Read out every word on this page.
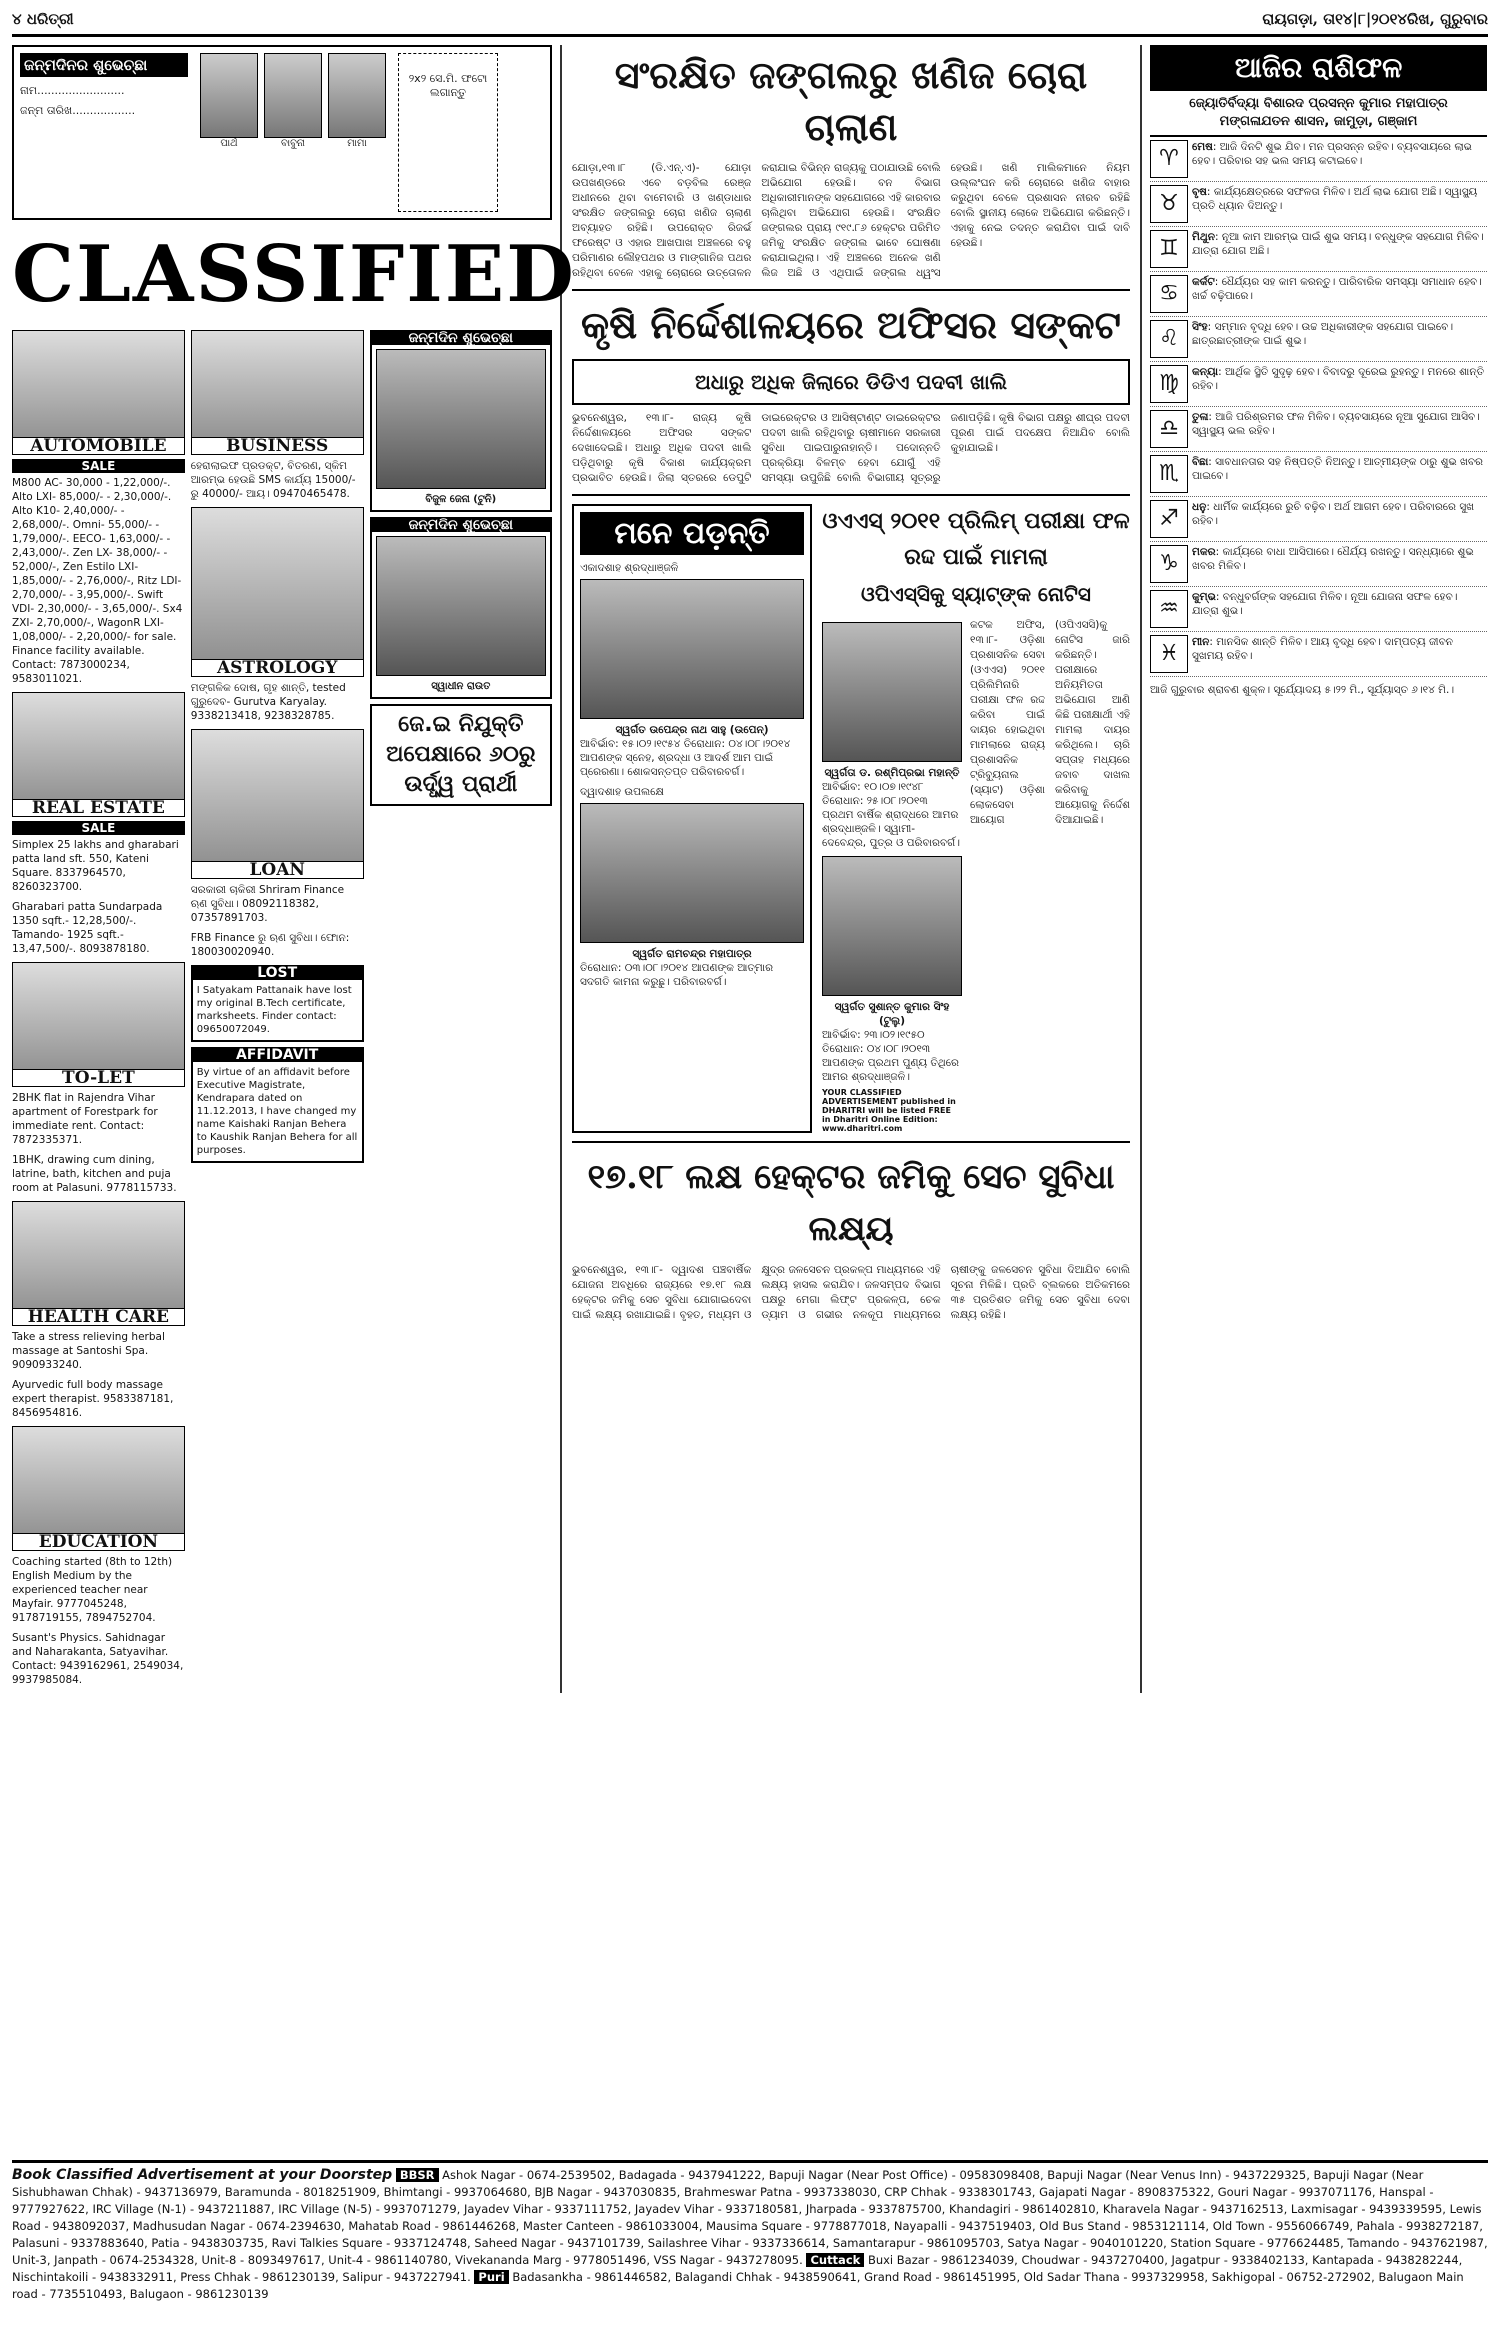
୪ ଧରିତ୍ରୀ	ରାୟଗଡ଼ା, ତା୧୪|୮|୨୦୧୪ରିଖ, ଗୁରୁବାର
ଜନ୍ମଦିନର ଶୁଭେଚ୍ଛା
ନାମ.........................
ଜନ୍ମ ତାରିଖ..................
ପାର୍ଥ	ବାବୁନା	ମାମା
୨x୨ ସେ.ମି. ଫଟୋ ଲଗାନ୍ତୁ
CLASSIFIED
AUTOMOBILE
SALE

M800 AC- 30,000 - 1,22,000/-. Alto LXI- 85,000/- - 2,30,000/-. Alto K10- 2,40,000/- - 2,68,000/-. Omni- 55,000/- - 1,79,000/-. EECO- 1,63,000/- - 2,43,000/-. Zen LX- 38,000/- - 52,000/-, Zen Estilo LXI- 1,85,000/- - 2,76,000/-, Ritz LDI- 2,70,000/- - 3,95,000/-. Swift VDI- 2,30,000/- - 3,65,000/-. Sx4 ZXI- 2,70,000/-, WagonR LXI- 1,08,000/- - 2,20,000/- for sale. Finance facility available. Contact: 7873000234, 9583011021.

REAL ESTATE
SALE

Simplex 25 lakhs and gharabari patta land sft. 550, Kateni Square. 8337964570, 8260323700.

Gharabari patta Sundarpada 1350 sqft.- 12,28,500/-. Tamando- 1925 sqft.- 13,47,500/-. 8093878180.

TO-LET

2BHK flat in Rajendra Vihar apartment of Forestpark for immediate rent. Contact: 7872335371.

1BHK, drawing cum dining, latrine, bath, kitchen and puja room at Palasuni. 9778115733.

HEALTH CARE

Take a stress relieving herbal massage at Santoshi Spa. 9090933240.

Ayurvedic full body massage expert therapist. 9583387181, 8456954816.

EDUCATION

Coaching started (8th to 12th) English Medium by the experienced teacher near Mayfair. 9777045248, 9178719155, 7894752704.

Susant's Physics. Sahidnagar and Naharakanta, Satyavihar. Contact: 9439162961, 2549034, 9937985084.

BUSINESS

ହେରାଲାଇଫ ପ୍ରଡକ୍ଟ, ବିତରଣ, ସ୍କିମ ଆରମ୍ଭ ହେଉଛି SMS କାର୍ଯ୍ୟ 15000/- ରୁ 40000/- ଆୟ। 09470465478.

ASTROLOGY

ମଙ୍ଗଳିକ ଦୋଷ, ଗୃହ ଶାନ୍ତି, tested ଗୁରୁଦେବ- Gurutva Karyalay. 9338213418, 9238328785.

LOAN

ସରକାରୀ ଚାକିରୀ Shriram Finance ଋଣ ସୁବିଧା। 08092118382, 07357891703.

FRB Finance ରୁ ଋଣ ସୁବିଧା। ଫୋନ: 180030020940.

LOST

I Satyakam Pattanaik have lost my original B.Tech certificate, marksheets. Finder contact: 09650072049.

AFFIDAVIT

By virtue of an affidavit before Executive Magistrate, Kendrapara dated on 11.12.2013, I have changed my name Kaishaki Ranjan Behera to Kaushik Ranjan Behera for all purposes.

ଜନ୍ମଦିନ ଶୁଭେଚ୍ଛା
ବିଜୁଳ ଜେନା (ଟୁନି)
ଜନ୍ମଦିନ ଶୁଭେଚ୍ଛା
ସ୍ୱାଧୀନ ରାଉତ
ଜେ.ଇ ନିଯୁକ୍ତି ଅପେକ୍ଷାରେ ୬୦ରୁ ଉର୍ଦ୍ଧ୍ୱ ପ୍ରାର୍ଥୀ
ସଂରକ୍ଷିତ ଜଙ୍ଗଲରୁ ଖଣିଜ ଚୋରା ଚାଲାଣ
ଯୋଡ଼ା,୧୩।୮ (ଡି.ଏନ୍.ଏ)- ଯୋଡ଼ା ଉପଖଣ୍ଡରେ ଏବେ ବଡ଼ବିଲ ରେଞ୍ଜ ଅଧୀନରେ ଥିବା ବାମେବାରି ଓ ଖଣ୍ଡାଧାର ସଂରକ୍ଷିତ ଜଙ୍ଗଲରୁ ଚୋରା ଖଣିଜ ଚାଲାଣ ଅବ୍ୟାହତ ରହିଛି। ଉପରୋକ୍ତ ରିଜର୍ଭ ଫରେଷ୍ଟ ଓ ଏହାର ଆଖପାଖ ଅଞ୍ଚଳରେ ବହୁ ପରିମାଣର ଲୌହପଥର ଓ ମାଙ୍ଗାନିଜ ପଥର ରହିଥିବା ବେଳେ ଏହାକୁ ଚୋରାରେ ଉତ୍ତୋଳନ କରାଯାଇ ବିଭିନ୍ନ ରାଜ୍ୟକୁ ପଠାଯାଉଛି ବୋଲି ଅଭିଯୋଗ ହେଉଛି। ବନ ବିଭାଗ ଅଧିକାରୀମାନଙ୍କ ସହଯୋଗରେ ଏହି କାରବାର ଚାଲିଥିବା ଅଭିଯୋଗ ହେଉଛି। ସଂରକ୍ଷିତ ଜଙ୍ଗଲର ପ୍ରାୟ ୯୧୯.୮୬ ହେକ୍ଟର ପରିମିତ ଜମିକୁ ସଂରକ୍ଷିତ ଜଙ୍ଗଲ ଭାବେ ଘୋଷଣା କରାଯାଇଥିଲା। ଏହି ଅଞ୍ଚଳରେ ଅନେକ ଖଣି ଲିଜ ଅଛି ଓ ଏଥିପାଇଁ ଜଙ୍ଗଲ ଧ୍ୱଂସ ହେଉଛି। ଖଣି ମାଲିକମାନେ ନିୟମ ଉଲ୍ଲଂଘନ କରି ଚୋରାରେ ଖଣିଜ ବାହାର କରୁଥିବା ବେଳେ ପ୍ରଶାସନ ନୀରବ ରହିଛି ବୋଲି ସ୍ଥାନୀୟ ଲୋକେ ଅଭିଯୋଗ କରିଛନ୍ତି। ଏହାକୁ ନେଇ ତଦନ୍ତ କରାଯିବା ପାଇଁ ଦାବି ହେଉଛି।
କୃଷି ନିର୍ଦ୍ଦେଶାଳୟରେ ଅଫିସର ସଙ୍କଟ
ଅଧାରୁ ଅଧିକ ଜିଲାରେ ଡିଡିଏ ପଦବୀ ଖାଲି
ଭୁବନେଶ୍ୱର, ୧୩।୮- ରାଜ୍ୟ କୃଷି ନିର୍ଦ୍ଦେଶାଳୟରେ ଅଫିସର ସଙ୍କଟ ଦେଖାଦେଇଛି। ଅଧାରୁ ଅଧିକ ପଦବୀ ଖାଲି ପଡ଼ିଥିବାରୁ କୃଷି ବିକାଶ କାର୍ଯ୍ୟକ୍ରମ ପ୍ରଭାବିତ ହେଉଛି। ଜିଲା ସ୍ତରରେ ଡେପୁଟି ଡାଇରେକ୍ଟର ଓ ଆସିଷ୍ଟାଣ୍ଟ ଡାଇରେକ୍ଟର ପଦବୀ ଖାଲି ରହିଥିବାରୁ ଚାଷୀମାନେ ସରକାରୀ ସୁବିଧା ପାଇପାରୁନାହାନ୍ତି। ପଦୋନ୍ନତି ପ୍ରକ୍ରିୟା ବିଳମ୍ବ ହେବା ଯୋଗୁଁ ଏହି ସମସ୍ୟା ଉପୁଜିଛି ବୋଲି ବିଭାଗୀୟ ସୂତ୍ରରୁ ଜଣାପଡ଼ିଛି। କୃଷି ବିଭାଗ ପକ୍ଷରୁ ଶୀଘ୍ର ପଦବୀ ପୂରଣ ପାଇଁ ପଦକ୍ଷେପ ନିଆଯିବ ବୋଲି କୁହାଯାଇଛି।
ମନେ ପଡ଼ନ୍ତି
ଏକାଦଶାହ ଶ୍ରଦ୍ଧାଞ୍ଜଳି
ସ୍ୱର୍ଗତ ଉପେନ୍ଦ୍ର ନାଥ ସାହୁ (ଉପେନ୍)

ଆବିର୍ଭାବ: ୧୫।୦୨।୧୯୫୪ ତିରୋଧାନ: ୦୪।୦୮।୨୦୧୪ ଆପଣଙ୍କ ସ୍ନେହ, ଶ୍ରଦ୍ଧା ଓ ଆଦର୍ଶ ଆମ ପାଇଁ ପ୍ରେରଣା। ଶୋକସନ୍ତପ୍ତ ପରିବାରବର୍ଗ।

ଦ୍ୱାଦଶାହ ଉପଲକ୍ଷେ
ସ୍ୱର୍ଗତ ରାମଚନ୍ଦ୍ର ମହାପାତ୍ର

ତିରୋଧାନ: ୦୩।୦୮।୨୦୧୪ ଆପଣଙ୍କ ଆତ୍ମାର ସଦଗତି କାମନା କରୁଛୁ। ପରିବାରବର୍ଗ।

ଓଏଏସ୍ ୨୦୧୧ ପ୍ରିଲିମ୍ ପରୀକ୍ଷା ଫଳ ରଦ୍ଦ ପାଇଁ ମାମଲା
ଓପିଏସ୍‌ସିକୁ ସ୍ୟାଟ୍‌ଙ୍କ ନୋଟିସ
ସ୍ୱର୍ଗତା ଡ. ରଶ୍ମିପ୍ରଭା ମହାନ୍ତି

ଆବିର୍ଭାବ: ୧୦।୦୭।୧୯୪୮ ତିରୋଧାନ: ୨୫।୦୮।୨୦୧୩ ପ୍ରଥମ ବାର୍ଷିକ ଶ୍ରାଦ୍ଧରେ ଆମର ଶ୍ରଦ୍ଧାଞ୍ଜଳି। ସ୍ୱାମୀ- ଦେବେନ୍ଦ୍ର, ପୁତ୍ର ଓ ପରିବାରବର୍ଗ।

କଟକ ଅଫିସ, ୧୩।୮- ଓଡ଼ିଶା ପ୍ରଶାସନିକ ସେବା (ଓଏଏସ) ୨୦୧୧ ପ୍ରିଲିମିନାରି ପରୀକ୍ଷା ଫଳ ରଦ୍ଦ କରିବା ପାଇଁ ଦାୟର ହୋଇଥିବା ମାମଲାରେ ରାଜ୍ୟ ପ୍ରଶାସନିକ ଟ୍ରିବ୍ୟୁନାଲ (ସ୍ୟାଟ) ଓଡ଼ିଶା ଲୋକସେବା ଆୟୋଗ (ଓପିଏସସି)କୁ ନୋଟିସ ଜାରି କରିଛନ୍ତି। ପରୀକ୍ଷାରେ ଅନିୟମିତତା ଅଭିଯୋଗ ଆଣି କିଛି ପରୀକ୍ଷାର୍ଥୀ ଏହି ମାମଲା ଦାୟର କରିଥିଲେ। ଚାରି ସପ୍ତାହ ମଧ୍ୟରେ ଜବାବ ଦାଖଲ କରିବାକୁ ଆୟୋଗକୁ ନିର୍ଦ୍ଦେଶ ଦିଆଯାଇଛି।
ସ୍ୱର୍ଗତ ସୁଶାନ୍ତ କୁମାର ସିଂହ (ଟୁଲୁ)

ଆବିର୍ଭାବ: ୨୩।୦୨।୧୯୫୦ ତିରୋଧାନ: ୦୪।୦୮।୨୦୧୩ ଆପଣଙ୍କ ପ୍ରଥମ ପୁଣ୍ୟ ତିଥିରେ ଆମର ଶ୍ରଦ୍ଧାଞ୍ଜଳି।

YOUR CLASSIFIED ADVERTISEMENT published in DHARITRI will be listed FREE in Dharitri Online Edition: www.dharitri.com

୧୭.୧୮ ଲକ୍ଷ ହେକ୍ଟର ଜମିକୁ ସେଚ ସୁବିଧା ଲକ୍ଷ୍ୟ
ଭୁବନେଶ୍ୱର, ୧୩।୮- ଦ୍ୱାଦଶ ପଞ୍ଚବାର୍ଷିକ ଯୋଜନା ଅବଧିରେ ରାଜ୍ୟରେ ୧୭.୧୮ ଲକ୍ଷ ହେକ୍ଟର ଜମିକୁ ସେଚ ସୁବିଧା ଯୋଗାଇଦେବା ପାଇଁ ଲକ୍ଷ୍ୟ ରଖାଯାଇଛି। ବୃହତ, ମଧ୍ୟମ ଓ କ୍ଷୁଦ୍ର ଜଳସେଚନ ପ୍ରକଳ୍ପ ମାଧ୍ୟମରେ ଏହି ଲକ୍ଷ୍ୟ ହାସଲ କରାଯିବ। ଜଳସମ୍ପଦ ବିଭାଗ ପକ୍ଷରୁ ମେଗା ଲିଫ୍ଟ ପ୍ରକଳ୍ପ, ଚେକ ଡ୍ୟାମ ଓ ଗଭୀର ନଳକୂପ ମାଧ୍ୟମରେ ଚାଷୀଙ୍କୁ ଜଳସେଚନ ସୁବିଧା ଦିଆଯିବ ବୋଲି ସୂଚନା ମିଳିଛି। ପ୍ରତି ବ୍ଲକରେ ଅତିକମରେ ୩୫ ପ୍ରତିଶତ ଜମିକୁ ସେଚ ସୁବିଧା ଦେବା ଲକ୍ଷ୍ୟ ରହିଛି।
ଆଜିର ରାଶିଫଳ
ଜ୍ୟୋତିର୍ବିଦ୍ୟା ବିଶାରଦ ପ୍ରସନ୍ନ କୁମାର ମହାପାତ୍ର ମଙ୍ଗଳାଯତନ ଶାସନ, ଜାମୁଡ଼ା, ଗଞ୍ଜାମ
♈	ମେଷ: ଆଜି ଦିନଟି ଶୁଭ ଯିବ। ମନ ପ୍ରସନ୍ନ ରହିବ। ବ୍ୟବସାୟରେ ଲାଭ ହେବ। ପରିବାର ସହ ଭଲ ସମୟ କଟାଇବେ।
♉	ବୃଷ: କାର୍ଯ୍ୟକ୍ଷେତ୍ରରେ ସଫଳତା ମିଳିବ। ଅର୍ଥ ଲାଭ ଯୋଗ ଅଛି। ସ୍ୱାସ୍ଥ୍ୟ ପ୍ରତି ଧ୍ୟାନ ଦିଅନ୍ତୁ।
♊	ମିଥୁନ: ନୂଆ କାମ ଆରମ୍ଭ ପାଇଁ ଶୁଭ ସମୟ। ବନ୍ଧୁଙ୍କ ସହଯୋଗ ମିଳିବ। ଯାତ୍ରା ଯୋଗ ଅଛି।
♋	କର୍କଟ: ଧୈର୍ଯ୍ୟର ସହ କାମ କରନ୍ତୁ। ପାରିବାରିକ ସମସ୍ୟା ସମାଧାନ ହେବ। ଖର୍ଚ୍ଚ ବଢ଼ିପାରେ।
♌	ସିଂହ: ସମ୍ମାନ ବୃଦ୍ଧି ହେବ। ଉଚ୍ଚ ଅଧିକାରୀଙ୍କ ସହଯୋଗ ପାଇବେ। ଛାତ୍ରଛାତ୍ରୀଙ୍କ ପାଇଁ ଶୁଭ।
♍	କନ୍ୟା: ଆର୍ଥିକ ସ୍ଥିତି ସୁଦୃଢ଼ ହେବ। ବିବାଦରୁ ଦୂରେଇ ରୁହନ୍ତୁ। ମନରେ ଶାନ୍ତି ରହିବ।
♎	ତୁଳା: ଆଜି ପରିଶ୍ରମର ଫଳ ମିଳିବ। ବ୍ୟବସାୟରେ ନୂଆ ସୁଯୋଗ ଆସିବ। ସ୍ୱାସ୍ଥ୍ୟ ଭଲ ରହିବ।
♏	ବିଛା: ସାବଧାନତାର ସହ ନିଷ୍ପତ୍ତି ନିଅନ୍ତୁ। ଆତ୍ମୀୟଙ୍କ ଠାରୁ ଶୁଭ ଖବର ପାଇବେ।
♐	ଧନୁ: ଧାର୍ମିକ କାର୍ଯ୍ୟରେ ରୁଚି ବଢ଼ିବ। ଅର୍ଥ ଆଗମ ହେବ। ପରିବାରରେ ସୁଖ ରହିବ।
♑	ମକର: କାର୍ଯ୍ୟରେ ବାଧା ଆସିପାରେ। ଧୈର୍ଯ୍ୟ ରଖନ୍ତୁ। ସନ୍ଧ୍ୟାରେ ଶୁଭ ଖବର ମିଳିବ।
♒	କୁମ୍ଭ: ବନ୍ଧୁବର୍ଗଙ୍କ ସହଯୋଗ ମିଳିବ। ନୂଆ ଯୋଜନା ସଫଳ ହେବ। ଯାତ୍ରା ଶୁଭ।
♓	ମୀନ: ମାନସିକ ଶାନ୍ତି ମିଳିବ। ଆୟ ବୃଦ୍ଧି ହେବ। ଦାମ୍ପତ୍ୟ ଜୀବନ ସୁଖମୟ ରହିବ।

ଆଜି ଗୁରୁବାର ଶ୍ରାବଣ ଶୁକ୍ଳ। ସୂର୍ଯ୍ୟୋଦୟ ୫।୨୨ ମି., ସୂର୍ଯ୍ୟାସ୍ତ ୬।୧୪ ମି.।

Book Classified Advertisement at your Doorstep BBSR Ashok Nagar - 0674-2539502, Badagada - 9437941222, Bapuji Nagar (Near Post Office) - 09583098408, Bapuji Nagar (Near Venus Inn) - 9437229325, Bapuji Nagar (Near Sishubhawan Chhak) - 9437136979, Baramunda - 8018251909, Bhimtangi - 9937064680, BJB Nagar - 9437030835, Brahmeswar Patna - 9937338030, CRP Chhak - 9338301743, Gajapati Nagar - 8908375322, Gouri Nagar - 9937071176, Hanspal - 9777927622, IRC Village (N-1) - 9437211887, IRC Village (N-5) - 9937071279, Jayadev Vihar - 9337111752, Jayadev Vihar - 9337180581, Jharpada - 9337875700, Khandagiri - 9861402810, Kharavela Nagar - 9437162513, Laxmisagar - 9439339595, Lewis Road - 9438092037, Madhusudan Nagar - 0674-2394630, Mahatab Road - 9861446268, Master Canteen - 9861033004, Mausima Square - 9778877018, Nayapalli - 9437519403, Old Bus Stand - 9853121114, Old Town - 9556066749, Pahala - 9938272187, Palasuni - 9337883640, Patia - 9438303735, Ravi Talkies Square - 9337124748, Saheed Nagar - 9437101739, Sailashree Vihar - 9337336614, Samantarapur - 9861095703, Satya Nagar - 9040101220, Station Square - 9776624485, Tamando - 9437621987, Unit-3, Janpath - 0674-2534328, Unit-8 - 8093497617, Unit-4 - 9861140780, Vivekananda Marg - 9778051496, VSS Nagar - 9437278095. Cuttack Buxi Bazar - 9861234039, Choudwar - 9437270400, Jagatpur - 9338402133, Kantapada - 9438282244, Nischintakoili - 9438332911, Press Chhak - 9861230139, Salipur - 9437227941. Puri Badasankha - 9861446582, Balagandi Chhak - 9438590641, Grand Road - 9861451995, Old Sadar Thana - 9937329958, Sakhigopal - 06752-272902, Balugaon Main road - 7735510493, Balugaon - 9861230139
